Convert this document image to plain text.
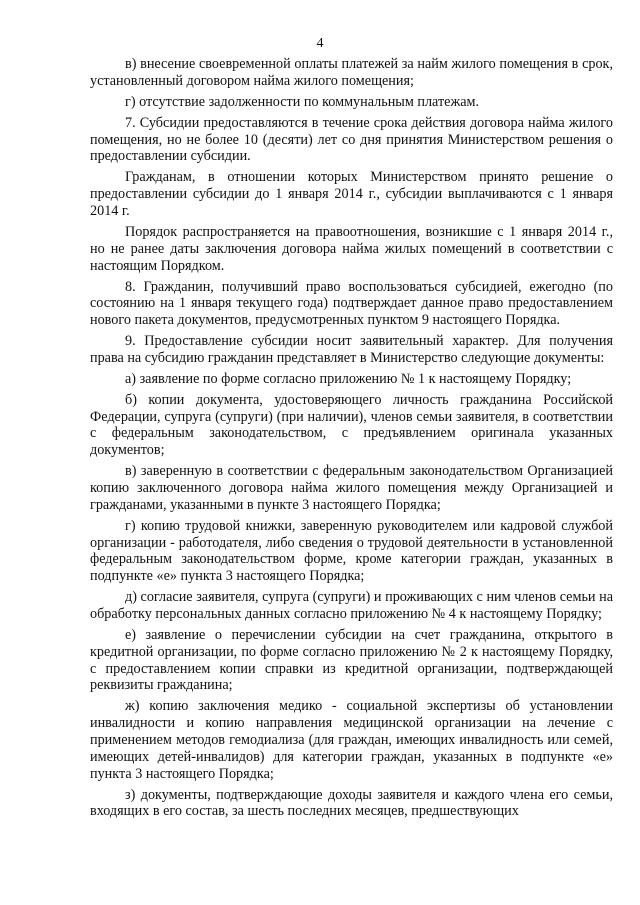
4

в) внесение своевременной оплаты платежей за найм жилого помещения в срок, установленный договором найма жилого помещения;

г) отсутствие задолженности по коммунальным платежам.

7. Субсидии предоставляются в течение срока действия договора найма жилого помещения, но не более 10 (десяти) лет со дня принятия Министерством решения о предоставлении субсидии.

Гражданам, в отношении которых Министерством принято решение о предоставлении субсидии до 1 января 2014 г., субсидии выплачиваются с 1 января 2014 г.

Порядок распространяется на правоотношения, возникшие с 1 января 2014 г., но не ранее даты заключения договора найма жилых помещений в соответствии с настоящим Порядком.

8. Гражданин, получивший право воспользоваться субсидией, ежегодно (по состоянию на 1 января текущего года) подтверждает данное право предоставлением нового пакета документов, предусмотренных пунктом 9 настоящего Порядка.

9. Предоставление субсидии носит заявительный характер. Для получения права на субсидию гражданин представляет в Министерство следующие документы:

а) заявление по форме согласно приложению № 1 к настоящему Порядку;

б) копии документа, удостоверяющего личность гражданина Российской Федерации, супруга (супруги) (при наличии), членов семьи заявителя, в соответствии с федеральным законодательством, с предъявлением оригинала указанных документов;

в) заверенную в соответствии с федеральным законодательством Организацией копию заключенного договора найма жилого помещения между Организацией и гражданами, указанными в пункте 3 настоящего Порядка;

г) копию трудовой книжки, заверенную руководителем или кадровой службой организации - работодателя, либо сведения о трудовой деятельности в установленной федеральным законодательством форме, кроме категории граждан, указанных в подпункте «е» пункта 3 настоящего Порядка;

д) согласие заявителя, супруга (супруги) и проживающих с ним членов семьи на обработку персональных данных согласно приложению № 4 к настоящему Порядку;

е) заявление о перечислении субсидии на счет гражданина, открытого в кредитной организации, по форме согласно приложению № 2 к настоящему Порядку, с предоставлением копии справки из кредитной организации, подтверждающей реквизиты гражданина;

ж) копию заключения медико - социальной экспертизы об установлении инвалидности и копию направления медицинской организации на лечение с применением методов гемодиализа (для граждан, имеющих инвалидность или семей, имеющих детей-инвалидов) для категории граждан, указанных в подпункте «е» пункта 3 настоящего Порядка;

з) документы, подтверждающие доходы заявителя и каждого члена его семьи, входящих в его состав, за шесть последних месяцев, предшествующих
